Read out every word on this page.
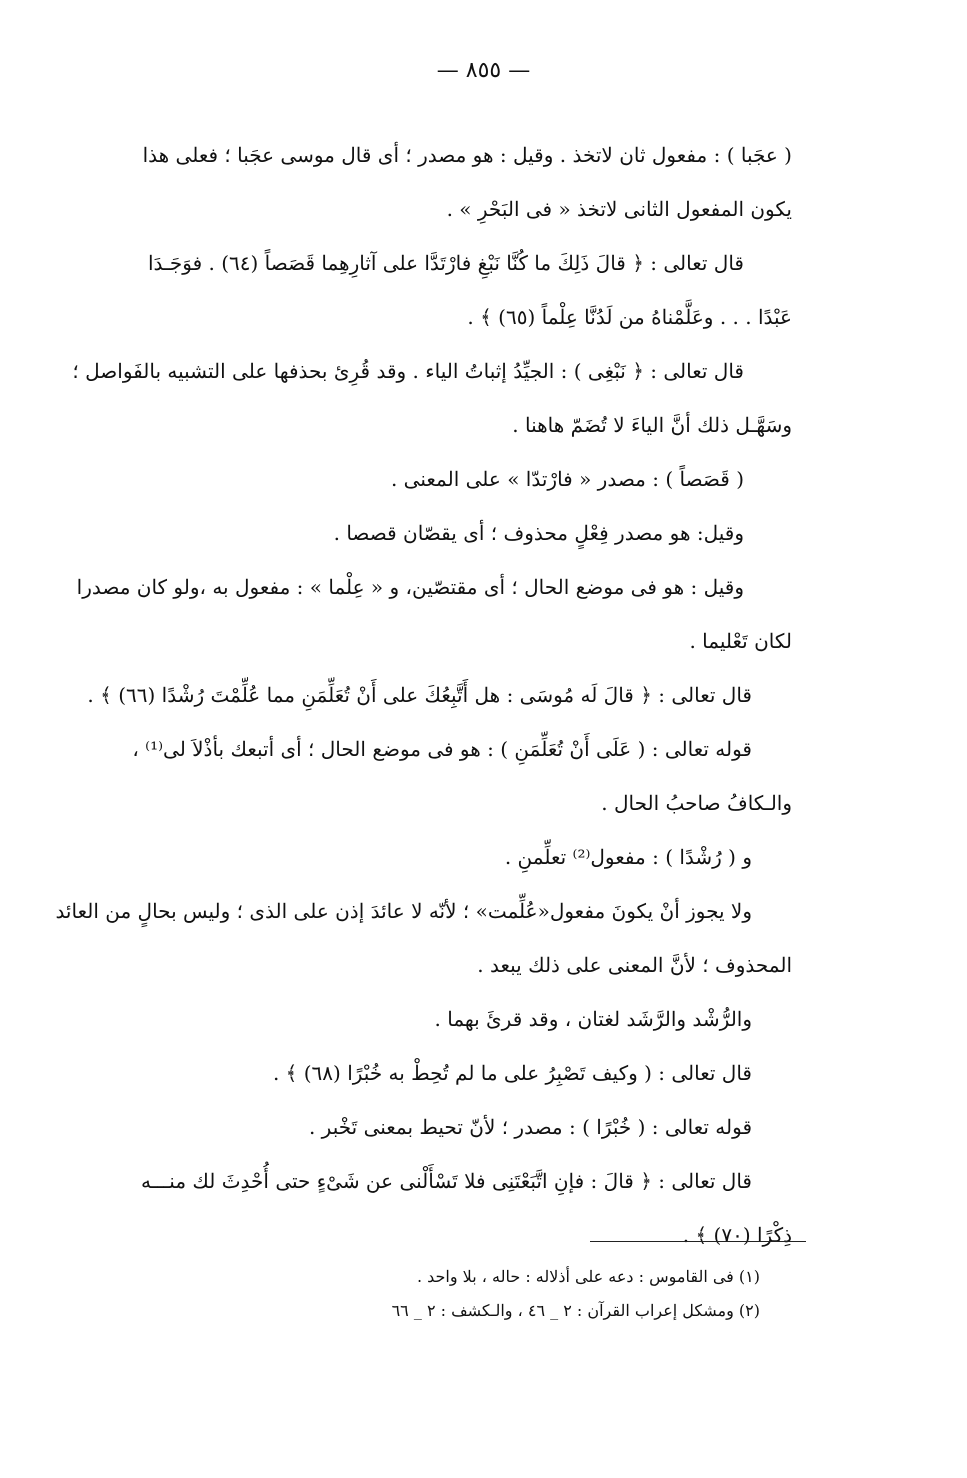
— ٨٥٥ —
( عجَبا ) : مفعول ثان لاتخذ . وقيل : هو مصدر ؛ أى قال موسى عجَبا ؛ فعلى هذا
يكون المفعول الثانى لاتخذ « فى البَحْرِ » .
قال تعالى : ﴿ قالَ ذَلِكَ ما كُنَّا نَبْغِ فارْتَدَّا على آثارِهِما قَصَصاً (٦٤) . فوَجَـدَا
عَبْدًا . . . وعَلَّمْناهُ من لَدُنَّا عِلْماً (٦٥) ﴾ .
قال تعالى : ﴿ نَبْغِى ) : الجيِّدُ إثباتُ الياء . وقد قُرِئ بحذفها على التشبيه بالفَواصل ؛
وسَهَّـل ذلك أنَّ الياءَ لا تُضَمّ هاهنا .
( قَصَصاً ) : مصدر « فارْتدّا » على المعنى .
وقيل: هو مصدر فِعْلٍ محذوف ؛ أى يقصّان قصصا .
وقيل : هو فى موضع الحال ؛ أى مقتصّين، و « عِلْما » : مفعول به ،ولو كان مصدرا
لكان تَعْليما .
قال تعالى : ﴿ قالَ لَه مُوسَى : هل أَتَّبِعُكَ على أَنْ تُعَلِّمَنِ مما عُلِّمْتَ رُشْدًا (٦٦) ﴾ .
قوله تعالى : ( عَلَى أَنْ تُعَلِّمَنِ ) : هو فى موضع الحال ؛ أى أتبعك بأذْلاَ لى⁽¹⁾ ،
والـكافُ صاحبُ الحال .
و ( رُشْدًا ) : مفعول⁽²⁾ تعلِّمنِ .
ولا يجوز أنْ يكونَ مفعول«عُلِّمت» ؛ لأنّه لا عائدَ إذن على الذى ؛ وليس بحالٍ من العائد
المحذوف ؛ لأنَّ المعنى على ذلك يبعد .
والرُّشْد والرَّشَد لغتان ، وقد قرئَ بهما .
قال تعالى : ( وكيف تَصْبِرُ على ما لم تُحِطْ به خُبْرًا (٦٨) ﴾ .
قوله تعالى : ( خُبْرًا ) : مصدر ؛ لأنّ تحيط بمعنى تَخْبر .
قال تعالى : ﴿ قالَ : فإنِ اتَّبَعْتَنِى فلا تَسْأَلْنى عن شَىْءٍ حتى أُحْدِثَ لك منـــه
ذِكْرًا (٧٠) ﴾ .
(١) فى القاموس : دعه على أذلاله : حاله ، بلا واحد .
(٢) ومشكل إعراب القرآن : ٢ _ ٤٦ ، والـكشف : ٢ _ ٦٦
